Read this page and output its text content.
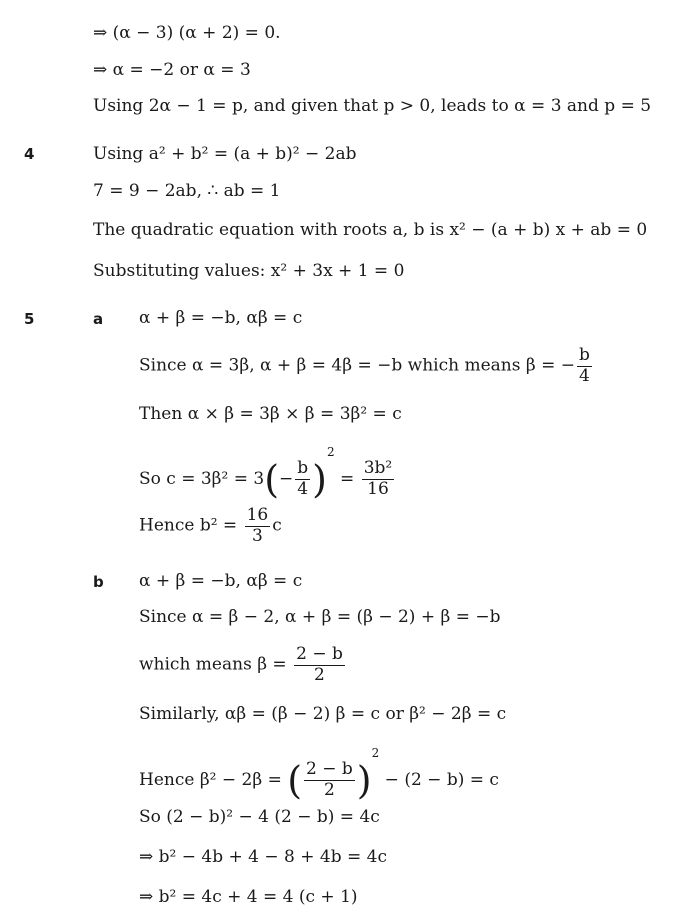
⇒ (α − 3) (α + 2) = 0.
⇒ α = −2 or α = 3
Using 2α − 1 = p, and given that p > 0, leads to α = 3 and p = 5
4	Using a² + b² = (a + b)² − 2ab
7 = 9 − 2ab, ∴ ab = 1
The quadratic equation with roots a, b is x² − (a + b) x + ab = 0
Substituting values: x² + 3x + 1 = 0
5	a α + β = −b, αβ = c
Since α = 3β, α + β = 4β = −b which means β = − $\frac{b}{4}$
Then α × β = 3β × β = 3β² = c
So $c = 3\beta^2 = 3(- \frac{b}{4} )^2 = \frac{\text{3b²}}{16}$
Hence $b^2 = \frac{16}{3}$ c
b α + β = −b, αβ = c
Since α = β − 2, α + β = (β − 2) + β = −b
which means $\beta = \frac{2 - b}{2}$
Similarly, αβ = (β − 2) β = c or β² − 2β = c
Hence β² − 2β = ( $\frac{2 - b}{2} )^2 - (2 - b) = c$
So (2 − b)² − 4 (2 − b) = 4c
⇒ b² − 4b + 4 − 8 + 4b = 4c
⇒ b² = 4c + 4 = 4 (c + 1)
